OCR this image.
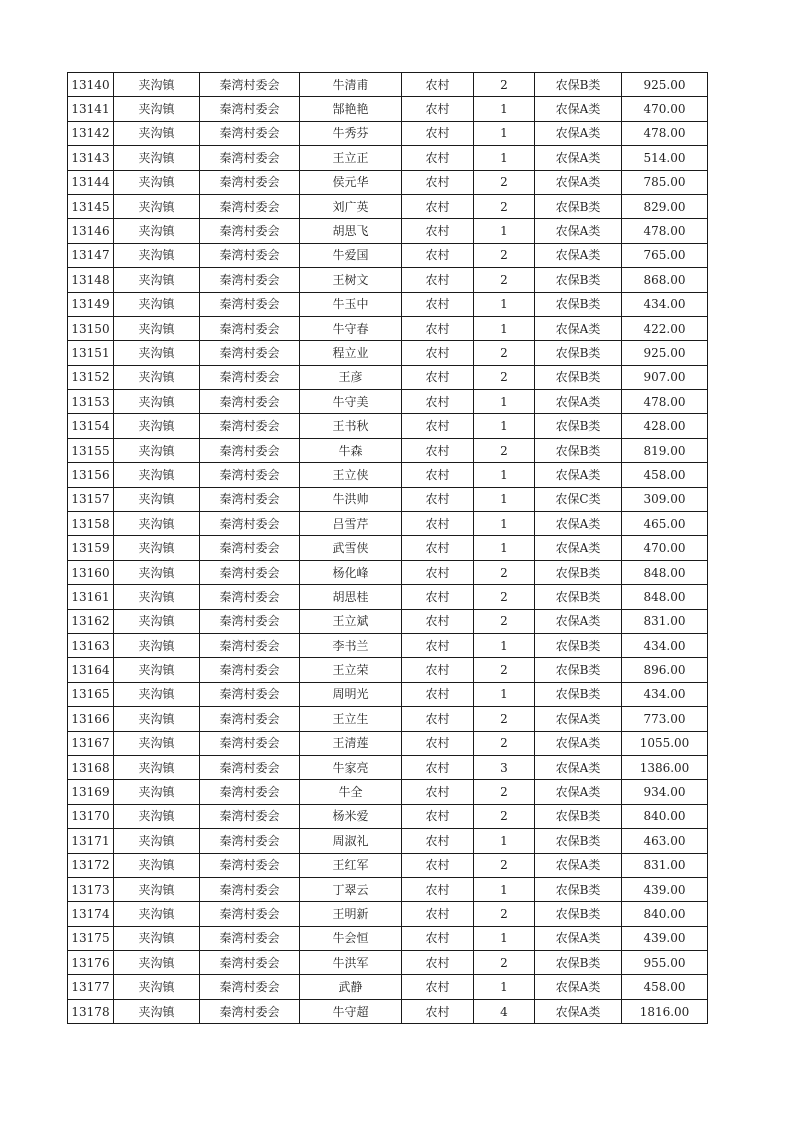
13140	夹沟镇	秦湾村委会	牛清甫	农村	2	农保B类	925.00
13141	夹沟镇	秦湾村委会	郜艳艳	农村	1	农保A类	470.00
13142	夹沟镇	秦湾村委会	牛秀芬	农村	1	农保A类	478.00
13143	夹沟镇	秦湾村委会	王立正	农村	1	农保A类	514.00
13144	夹沟镇	秦湾村委会	侯元华	农村	2	农保A类	785.00
13145	夹沟镇	秦湾村委会	刘广英	农村	2	农保B类	829.00
13146	夹沟镇	秦湾村委会	胡思飞	农村	1	农保A类	478.00
13147	夹沟镇	秦湾村委会	牛爱国	农村	2	农保A类	765.00
13148	夹沟镇	秦湾村委会	王树文	农村	2	农保B类	868.00
13149	夹沟镇	秦湾村委会	牛玉中	农村	1	农保B类	434.00
13150	夹沟镇	秦湾村委会	牛守春	农村	1	农保A类	422.00
13151	夹沟镇	秦湾村委会	程立业	农村	2	农保B类	925.00
13152	夹沟镇	秦湾村委会	王彦	农村	2	农保B类	907.00
13153	夹沟镇	秦湾村委会	牛守美	农村	1	农保A类	478.00
13154	夹沟镇	秦湾村委会	王书秋	农村	1	农保B类	428.00
13155	夹沟镇	秦湾村委会	牛森	农村	2	农保B类	819.00
13156	夹沟镇	秦湾村委会	王立侠	农村	1	农保A类	458.00
13157	夹沟镇	秦湾村委会	牛洪帅	农村	1	农保C类	309.00
13158	夹沟镇	秦湾村委会	吕雪芹	农村	1	农保A类	465.00
13159	夹沟镇	秦湾村委会	武雪侠	农村	1	农保A类	470.00
13160	夹沟镇	秦湾村委会	杨化峰	农村	2	农保B类	848.00
13161	夹沟镇	秦湾村委会	胡思桂	农村	2	农保B类	848.00
13162	夹沟镇	秦湾村委会	王立斌	农村	2	农保A类	831.00
13163	夹沟镇	秦湾村委会	李书兰	农村	1	农保B类	434.00
13164	夹沟镇	秦湾村委会	王立荣	农村	2	农保B类	896.00
13165	夹沟镇	秦湾村委会	周明光	农村	1	农保B类	434.00
13166	夹沟镇	秦湾村委会	王立生	农村	2	农保A类	773.00
13167	夹沟镇	秦湾村委会	王清莲	农村	2	农保A类	1055.00
13168	夹沟镇	秦湾村委会	牛家亮	农村	3	农保A类	1386.00
13169	夹沟镇	秦湾村委会	牛全	农村	2	农保A类	934.00
13170	夹沟镇	秦湾村委会	杨米爱	农村	2	农保B类	840.00
13171	夹沟镇	秦湾村委会	周淑礼	农村	1	农保B类	463.00
13172	夹沟镇	秦湾村委会	王红军	农村	2	农保A类	831.00
13173	夹沟镇	秦湾村委会	丁翠云	农村	1	农保B类	439.00
13174	夹沟镇	秦湾村委会	王明新	农村	2	农保B类	840.00
13175	夹沟镇	秦湾村委会	牛会恒	农村	1	农保A类	439.00
13176	夹沟镇	秦湾村委会	牛洪军	农村	2	农保B类	955.00
13177	夹沟镇	秦湾村委会	武静	农村	1	农保A类	458.00
13178	夹沟镇	秦湾村委会	牛守超	农村	4	农保A类	1816.00
